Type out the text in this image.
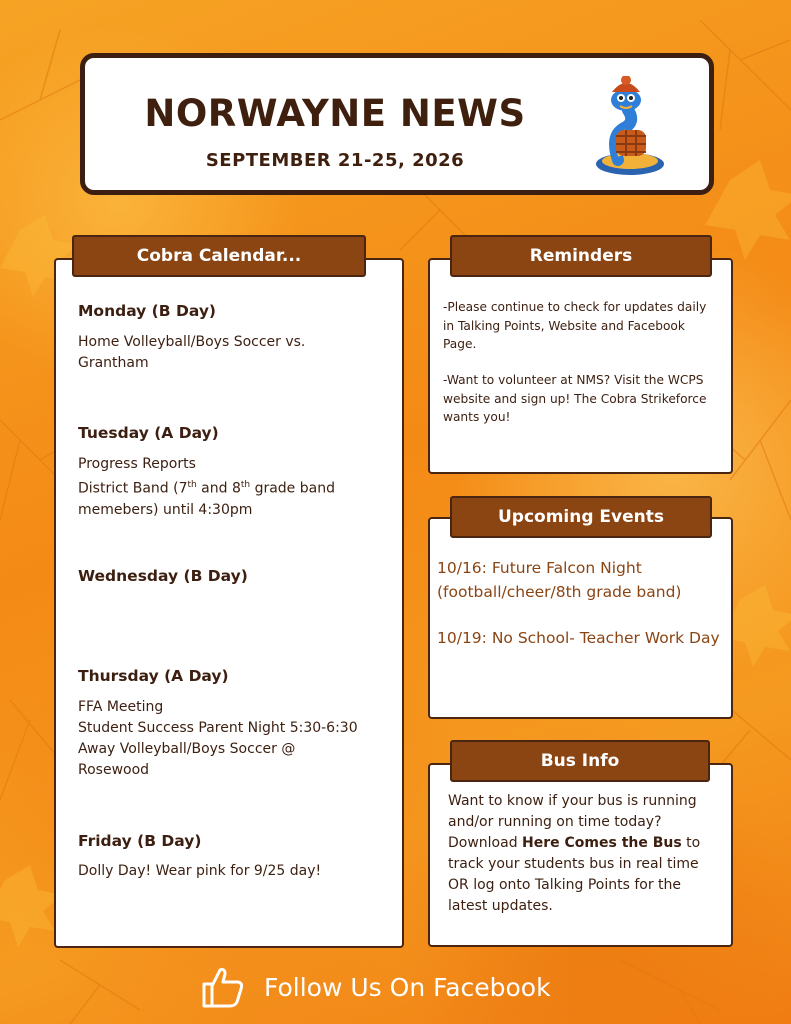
NORWAYNE NEWS
SEPTEMBER 21-25, 2026
Monday (B Day)
Home Volleyball/Boys Soccer vs.
Grantham
Tuesday (A Day)
Progress Reports
District Band (7th and 8th grade band
memebers) until 4:30pm
Wednesday (B Day)
Thursday (A Day)
FFA Meeting
Student Success Parent Night 5:30-6:30
Away Volleyball/Boys Soccer @
Rosewood
Friday (B Day)
Dolly Day! Wear pink for 9/25 day!
Cobra Calendar...
-Please continue to check for updates daily in Talking Points, Website and Facebook Page.
-Want to volunteer at NMS? Visit the WCPS website and sign up! The Cobra Strikeforce wants you!
Reminders
10/16: Future Falcon Night (football/cheer/8th grade band)
10/19: No School- Teacher Work Day
Upcoming Events
Want to know if your bus is running and/or running on time today?
Download Here Comes the Bus to track your students bus in real time OR log onto Talking Points for the latest updates.
Bus Info
Follow Us On Facebook
